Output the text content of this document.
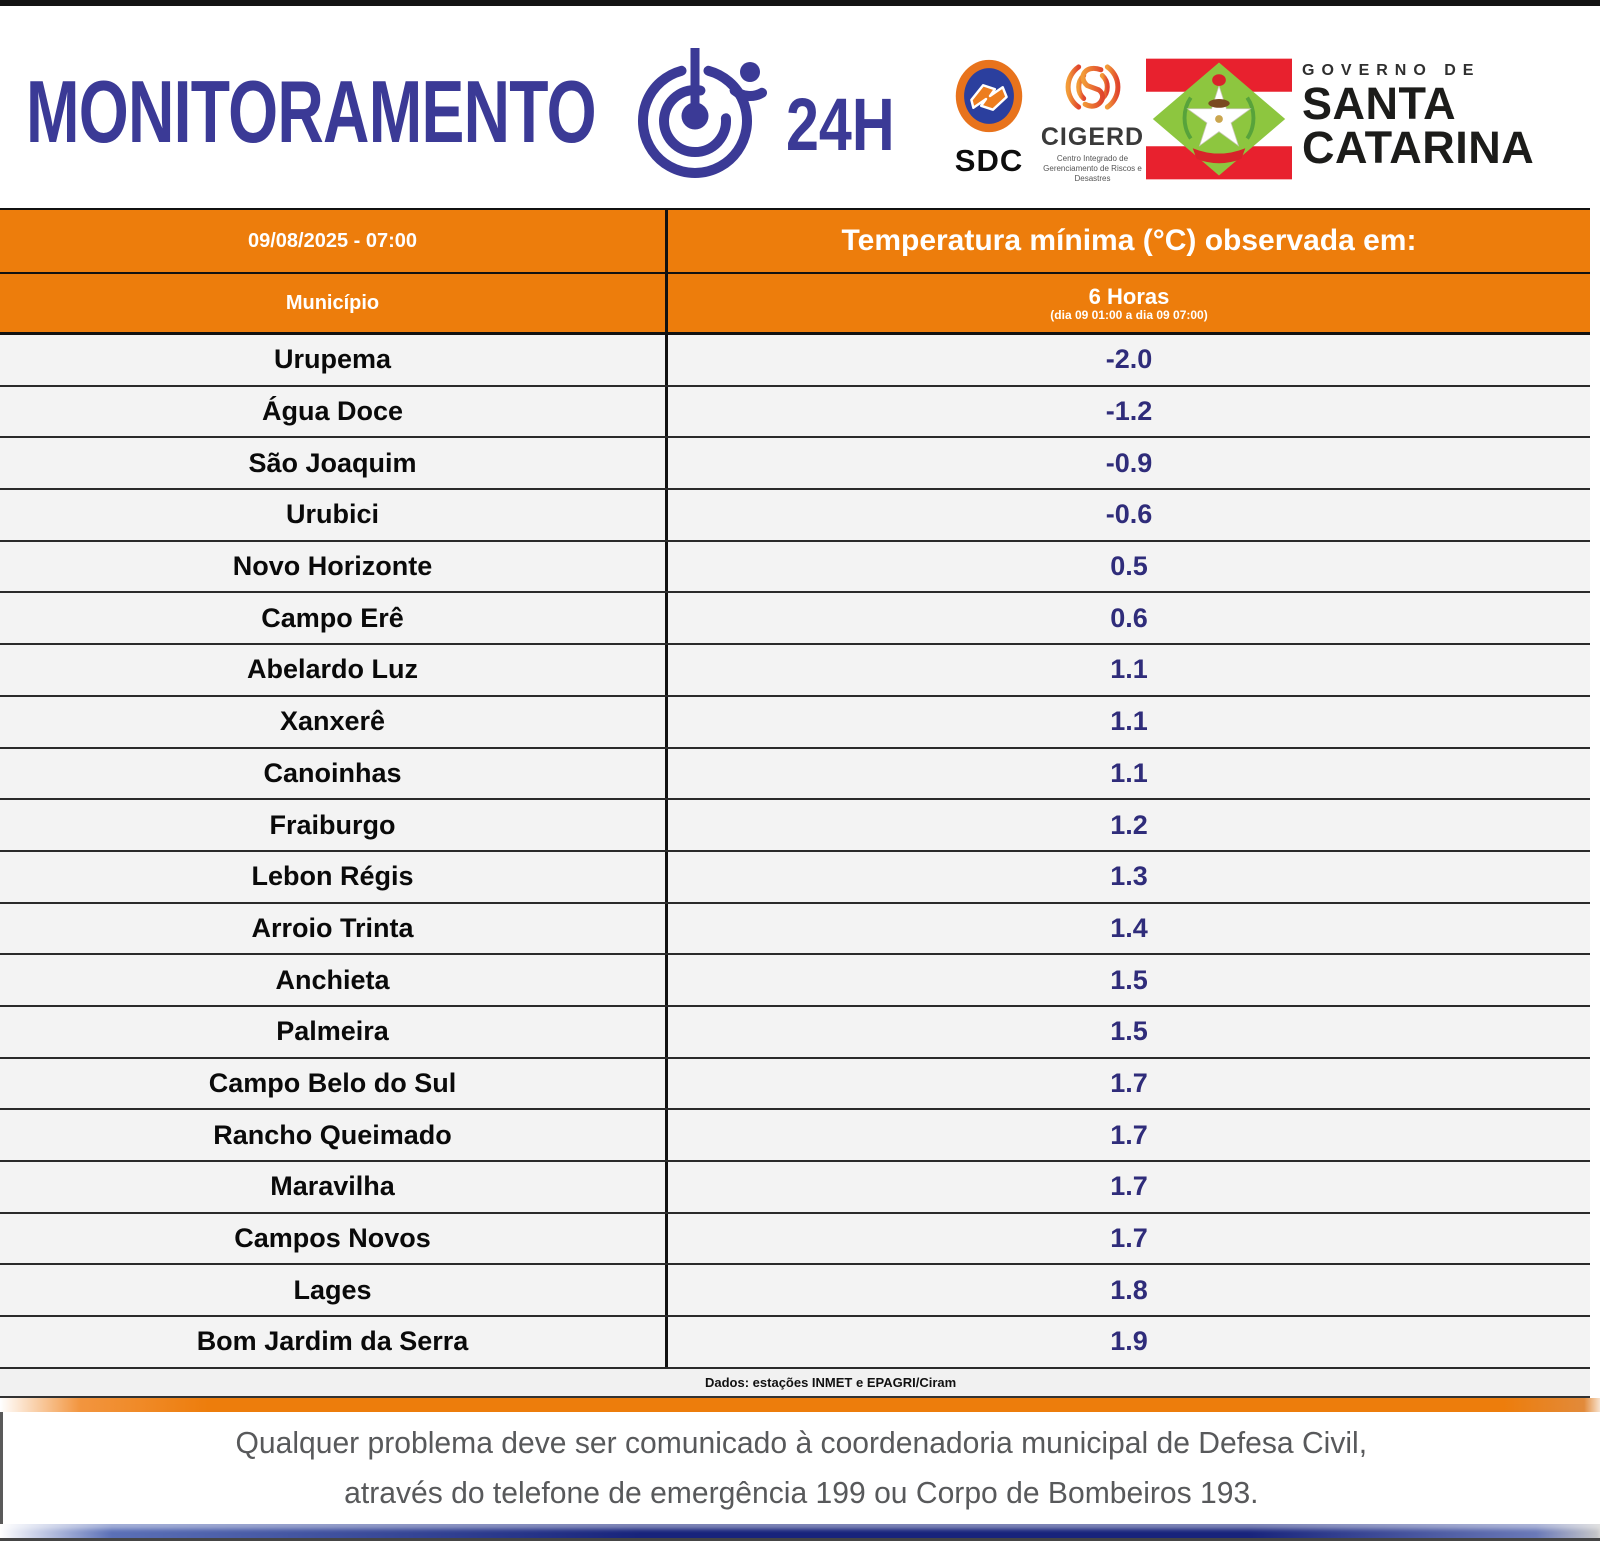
MONITORAMENTO	24H	SDC
CIGERD
Centro Integrado de Gerenciamento de Riscos e Desastres
GOVERNO DE
SANTA
CATARINA
09/08/2025 - 07:00	Temperatura mínima (°C) observada em:
Município	6 Horas
(dia 09 01:00 a dia 09 07:00)
Urupema	-2.0
Água Doce	-1.2
São Joaquim	-0.9
Urubici	-0.6
Novo Horizonte	0.5
Campo Erê	0.6
Abelardo Luz	1.1
Xanxerê	1.1
Canoinhas	1.1
Fraiburgo	1.2
Lebon Régis	1.3
Arroio Trinta	1.4
Anchieta	1.5
Palmeira	1.5
Campo Belo do Sul	1.7
Rancho Queimado	1.7
Maravilha	1.7
Campos Novos	1.7
Lages	1.8
Bom Jardim da Serra	1.9
Dados: estações INMET e EPAGRI/Ciram
Qualquer problema deve ser comunicado à coordenadoria municipal de Defesa Civil,
através do telefone de emergência 199 ou Corpo de Bombeiros 193.
